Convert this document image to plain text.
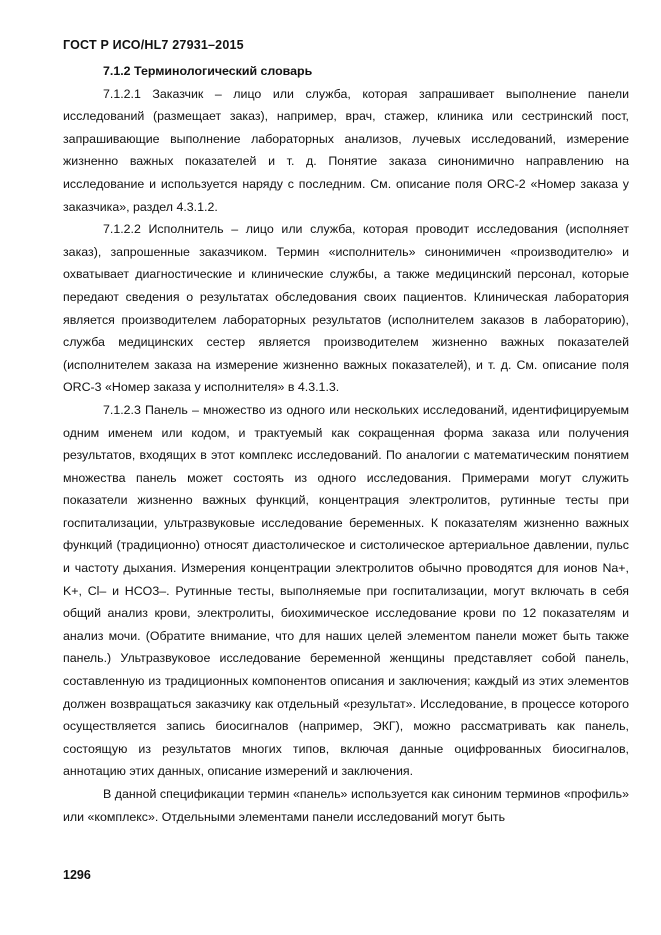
ГОСТ Р ИСО/HL7 27931–2015

7.1.2 Терминологический словарь

7.1.2.1 Заказчик – лицо или служба, которая запрашивает выполнение панели исследований (размещает заказ), например, врач, стажер, клиника или сестринский пост, запрашивающие выполнение лабораторных анализов, лучевых исследований, измерение жизненно важных показателей и т. д. Понятие заказа синонимично направлению на исследование и используется наряду с последним. См. описание поля ORC-2 «Номер заказа у заказчика», раздел 4.3.1.2.

7.1.2.2 Исполнитель – лицо или служба, которая проводит исследования (исполняет заказ), запрошенные заказчиком. Термин «исполнитель» синонимичен «производителю» и охватывает диагностические и клинические службы, а также медицинский персонал, которые передают сведения о результатах обследования своих пациентов. Клиническая лаборатория является производителем лабораторных результатов (исполнителем заказов в лабораторию), служба медицинских сестер является производителем жизненно важных показателей (исполнителем заказа на измерение жизненно важных показателей), и т. д. См. описание поля ORC-3 «Номер заказа у исполнителя» в 4.3.1.3.

7.1.2.3 Панель – множество из одного или нескольких исследований, идентифицируемым одним именем или кодом, и трактуемый как сокращенная форма заказа или получения результатов, входящих в этот комплекс исследований. По аналогии с математическим понятием множества панель может состоять из одного исследования. Примерами могут служить показатели жизненно важных функций, концентрация электролитов, рутинные тесты при госпитализации, ультразвуковые исследование беременных. К показателям жизненно важных функций (традиционно) относят диастолическое и систолическое артериальное давлении, пульс и частоту дыхания. Измерения концентрации электролитов обычно проводятся для ионов Na+, K+, Cl– и HCO3–. Рутинные тесты, выполняемые при госпитализации, могут включать в себя общий анализ крови, электролиты, биохимическое исследование крови по 12 показателям и анализ мочи. (Обратите внимание, что для наших целей элементом панели может быть также панель.) Ультразвуковое исследование беременной женщины представляет собой панель, составленную из традиционных компонентов описания и заключения; каждый из этих элементов должен возвращаться заказчику как отдельный «результат». Исследование, в процессе которого осуществляется запись биосигналов (например, ЭКГ), можно рассматривать как панель, состоящую из результатов многих типов, включая данные оцифрованных биосигналов, аннотацию этих данных, описание измерений и заключения.

В данной спецификации термин «панель» используется как синоним терминов «профиль» или «комплекс». Отдельными элементами панели исследований могут быть

1296
